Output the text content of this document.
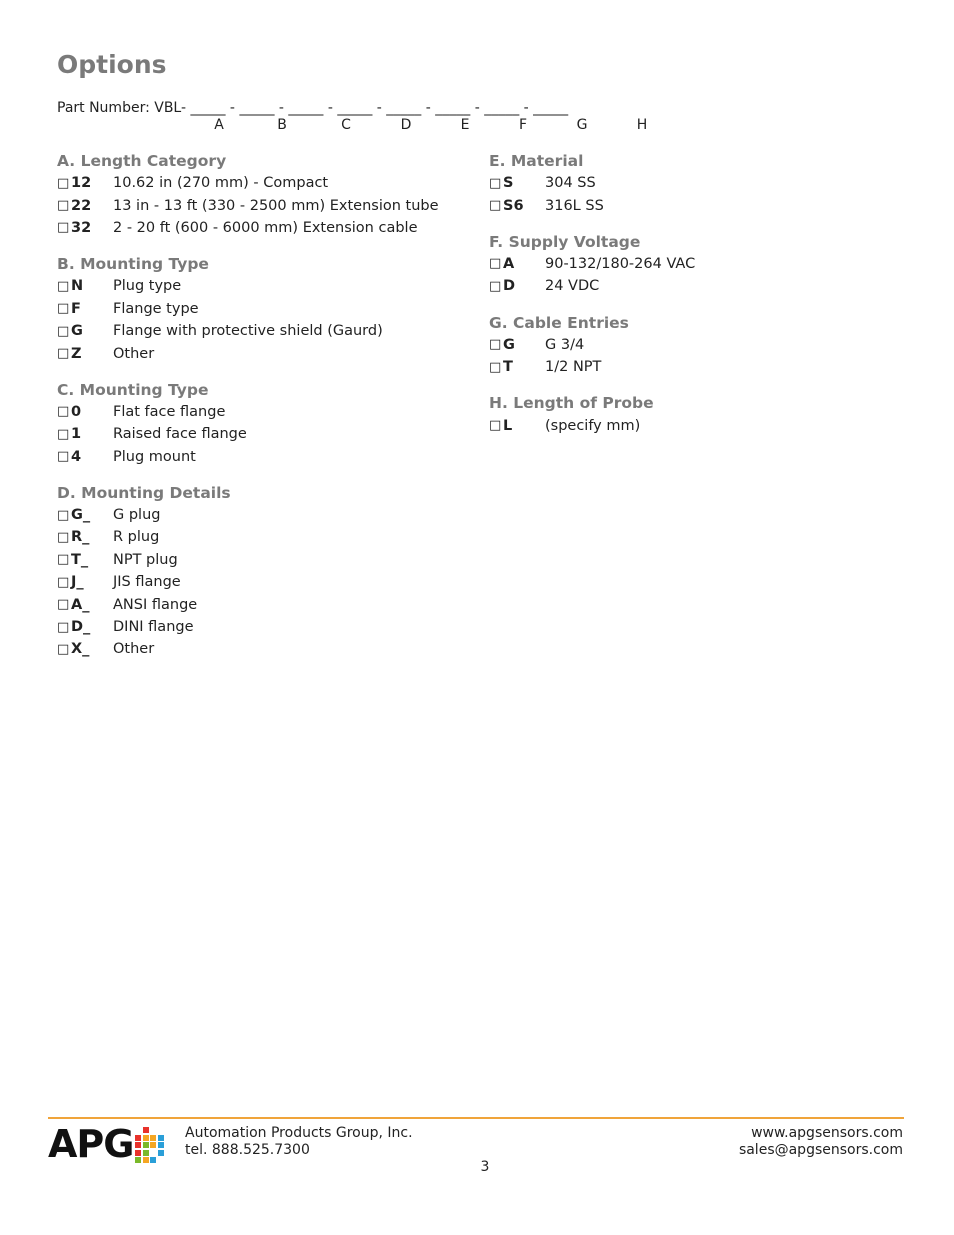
Options
Part Number: VBL- _____ - _____ - _____ - _____ - _____ - _____ - _____ - _____
A	B	C	D	E	F	G	H
A. Length Category
□ 12	10.62 in (270 mm) - Compact
□ 22	13 in - 13 ft (330 - 2500 mm) Extension tube
□ 32	2 - 20 ft (600 - 6000 mm) Extension cable
B. Mounting Type
□ N	Plug type
□ F	Flange type
□ G	Flange with protective shield (Gaurd)
□ Z	Other
C. Mounting Type
□ 0	Flat face flange
□ 1	Raised face flange
□ 4	Plug mount
D. Mounting Details
□ G_	G plug
□ R_	R plug
□ T_	NPT plug
□ J_	JIS flange
□ A_	ANSI flange
□ D_	DINI flange
□ X_	Other
E. Material
□ S	304 SS
□ S6	316L SS
F. Supply Voltage
□ A	90-132/180-264 VAC
□ D	24 VDC
G. Cable Entries
□ G	G 3/4
□ T	1/2 NPT
H. Length of Probe
□ L	(specify mm)
APG	Automation Products Group, Inc.
tel. 888.525.7300
www.apgsensors.com
sales@apgsensors.com
3
